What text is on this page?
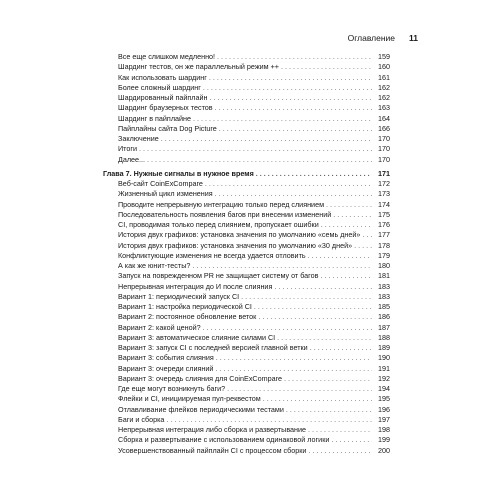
Оглавление 11
Все еще слишком медленно! . . .	159
Шардинг тестов, он же параллельный режим ++ . . .	160
Как использовать шардинг . . .	161
Более сложный шардинг . . .	162
Шардированный пайплайн . . .	162
Шардинг браузерных тестов . . .	163
Шардинг в пайплайне . . .	164
Пайплайны сайта Dog Picture . . .	166
Заключение . . .	170
Итоги . . .	170
Далее... . . .	170
Глава 7. Нужные сигналы в нужное время . . .	171
Веб-сайт CoinExCompare . . .	172
Жизненный цикл изменения . . .	173
Проводите непрерывную интеграцию только перед слиянием . . .	174
Последовательность появления багов при внесении изменений . . .	175
CI, проводимая только перед слиянием, пропускает ошибки . . .	176
История двух графиков: установка значения по умолчанию «семь дней» . . .	177
История двух графиков: установка значения по умолчанию «30 дней» . . .	178
Конфликтующие изменения не всегда удается отловить . . .	179
А как же юнит-тесты? . . .	180
Запуск на поврежденном PR не защищает систему от багов . . .	181
Непрерывная интеграция до И после слияния . . .	183
Вариант 1: периодический запуск CI . . .	183
Вариант 1: настройка периодической CI . . .	185
Вариант 2: постоянное обновление веток . . .	186
Вариант 2: какой ценой? . . .	187
Вариант 3: автоматическое слияние силами CI . . .	188
Вариант 3: запуск CI с последней версией главной ветки . . .	189
Вариант 3: события слияния . . .	190
Вариант 3: очереди слияний . . .	191
Вариант 3: очередь слияния для CoinExCompare . . .	192
Где еще могут возникнуть баги? . . .	194
Флейки и CI, инициируемая пул-реквестом . . .	195
Отлавливание флейков периодическими тестами . . .	196
Баги и сборка . . .	197
Непрерывная интеграция либо сборка и развертывание . . .	198
Сборка и развертывание с использованием одинаковой логики . . .	199
Усовершенствованный пайплайн CI с процессом сборки . . .	200
